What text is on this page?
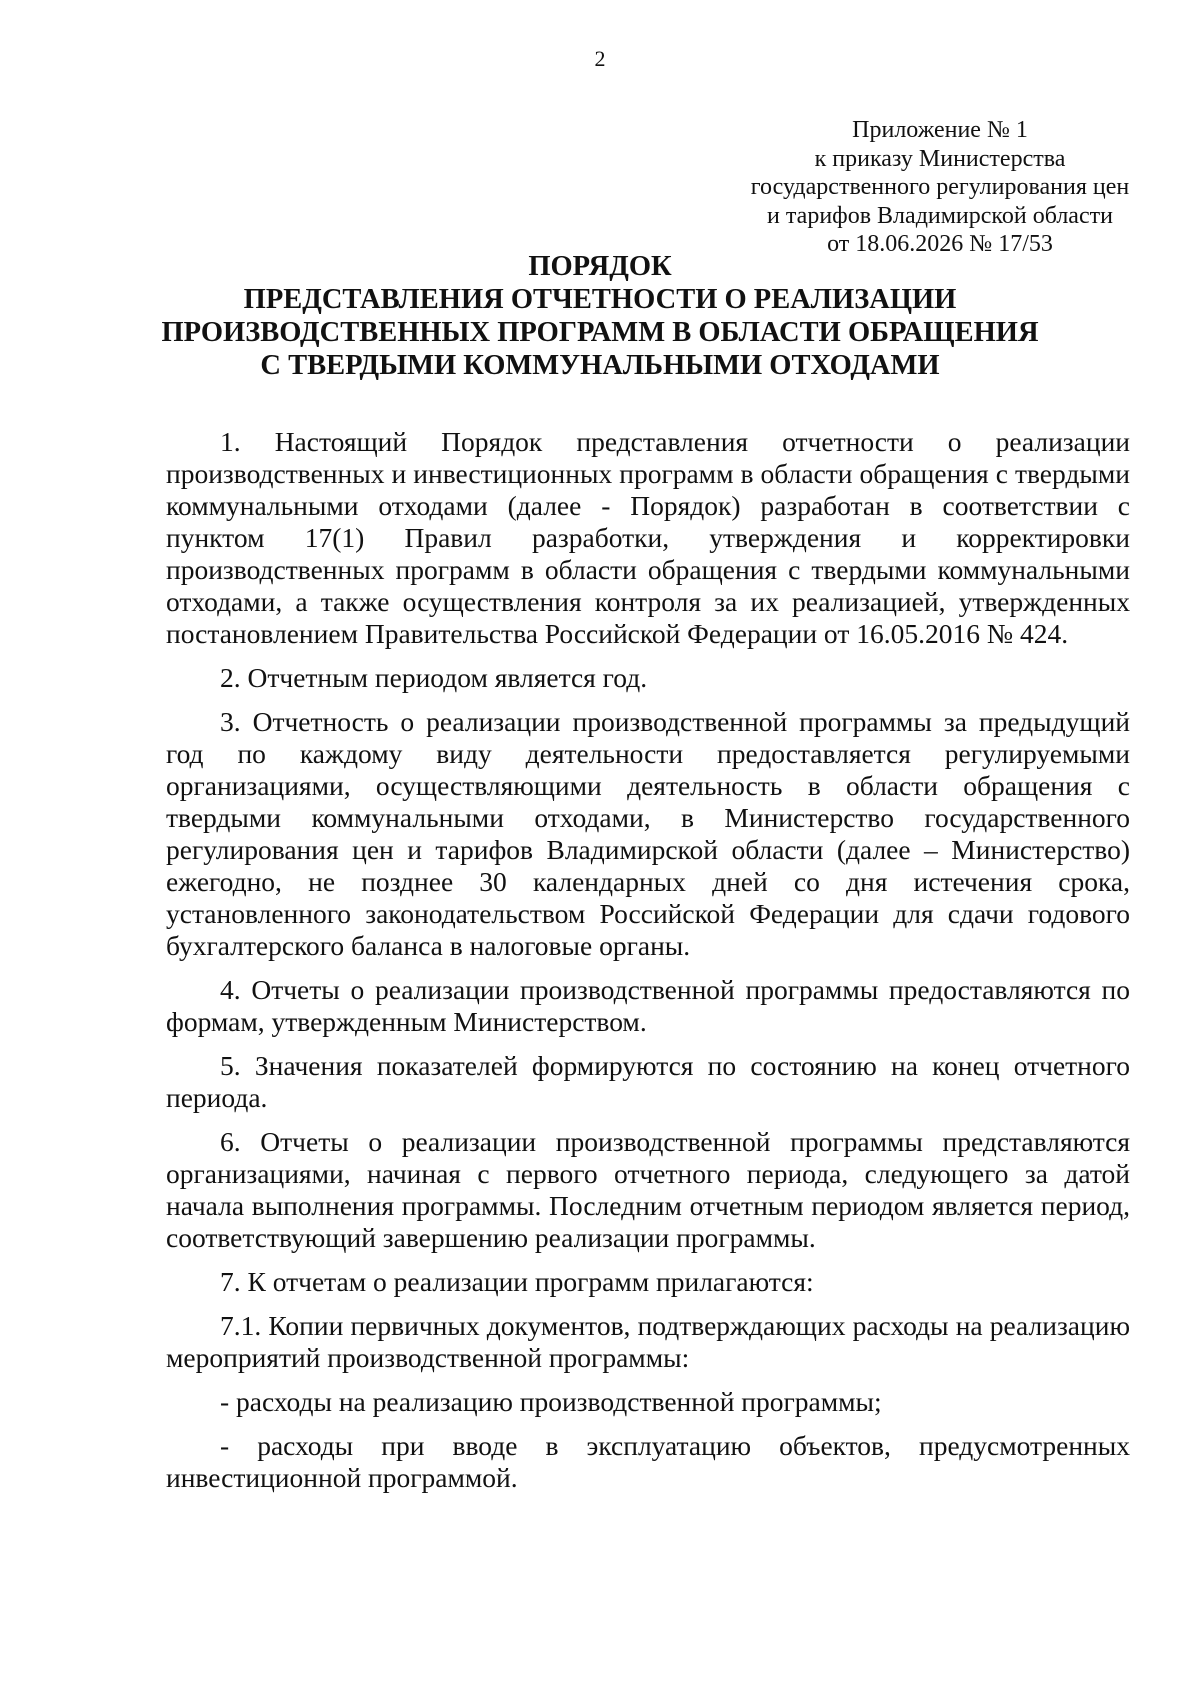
2
Приложение № 1
к приказу Министерства
государственного регулирования цен
и тарифов Владимирской области
от 18.06.2026 № 17/53
ПОРЯДОК
ПРЕДСТАВЛЕНИЯ ОТЧЕТНОСТИ О РЕАЛИЗАЦИИ
ПРОИЗВОДСТВЕННЫХ ПРОГРАММ В ОБЛАСТИ ОБРАЩЕНИЯ
С ТВЕРДЫМИ КОММУНАЛЬНЫМИ ОТХОДАМИ

1. Настоящий Порядок представления отчетности о реализации производственных и инвестиционных программ в области обращения с твердыми коммунальными отходами (далее - Порядок) разработан в соответствии с пунктом 17(1) Правил разработки, утверждения и корректировки производственных программ в области обращения с твердыми коммунальными отходами, а также осуществления контроля за их реализацией, утвержденных постановлением Правительства Российской Федерации от 16.05.2016 № 424.

2. Отчетным периодом является год.

3. Отчетность о реализации производственной программы за предыдущий год по каждому виду деятельности предоставляется регулируемыми организациями, осуществляющими деятельность в области обращения с твердыми коммунальными отходами, в Министерство государственного регулирования цен и тарифов Владимирской области (далее – Министерство) ежегодно, не позднее 30 календарных дней со дня истечения срока, установленного законодательством Российской Федерации для сдачи годового бухгалтерского баланса в налоговые органы.

4. Отчеты о реализации производственной программы предоставляются по формам, утвержденным Министерством.

5. Значения показателей формируются по состоянию на конец отчетного периода.

6. Отчеты о реализации производственной программы представляются организациями, начиная с первого отчетного периода, следующего за датой начала выполнения программы. Последним отчетным периодом является период, соответствующий завершению реализации программы.

7. К отчетам о реализации программ прилагаются:

7.1. Копии первичных документов, подтверждающих расходы на реализацию мероприятий производственной программы:

- расходы на реализацию производственной программы;

- расходы при вводе в эксплуатацию объектов, предусмотренных инвестиционной программой.
